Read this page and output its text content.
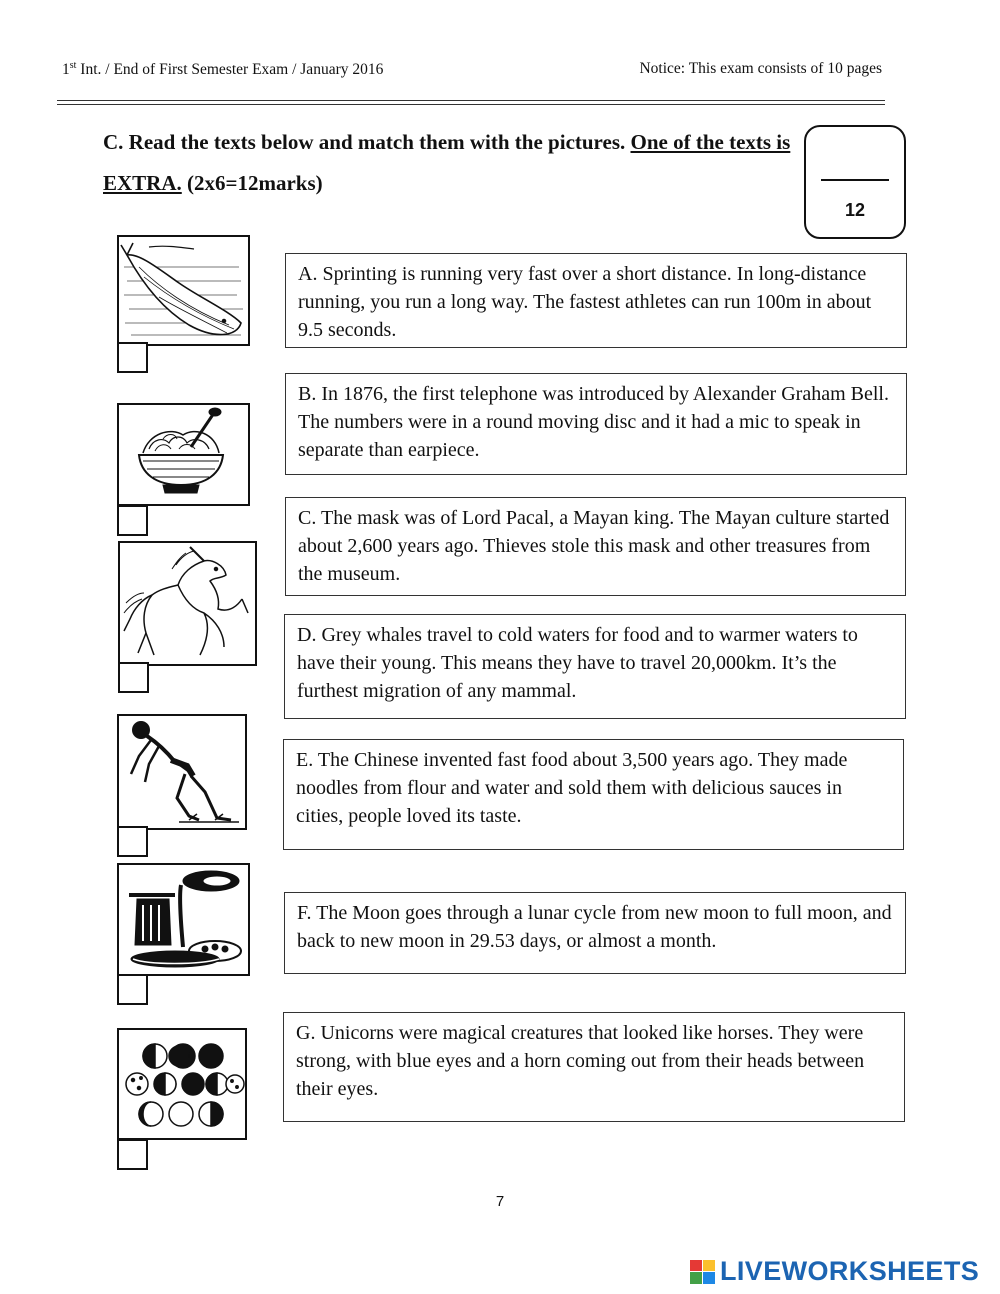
1st Int. / End of First Semester Exam / January 2016	Notice: This exam consists of 10 pages
C. Read the texts below and match them with the pictures. One of the texts is EXTRA. (2x6=12marks)
12
A. Sprinting is running very fast over a short distance. In long-distance running, you run a long way. The fastest athletes can run 100m in about 9.5 seconds.
B. In 1876, the first telephone was introduced by Alexander Graham Bell. The numbers were in a round moving disc and it had a mic to speak in separate than earpiece.
C. The mask was of Lord Pacal, a Mayan king. The Mayan culture started about 2,600 years ago. Thieves stole this mask and other treasures from the museum.
D. Grey whales travel to cold waters for food and to warmer waters to have their young. This means they have to travel 20,000km. It’s the furthest migration of any mammal.
E. The Chinese invented fast food about 3,500 years ago. They made noodles from flour and water and sold them with delicious sauces in cities, people loved its taste.
F. The Moon goes through a lunar cycle from new moon to full moon, and back to new moon in 29.53 days, or almost a month.
G. Unicorns were magical creatures that looked like horses. They were strong, with blue eyes and a horn coming out from their heads between their eyes.
7
LIVEWORKSHEETS
